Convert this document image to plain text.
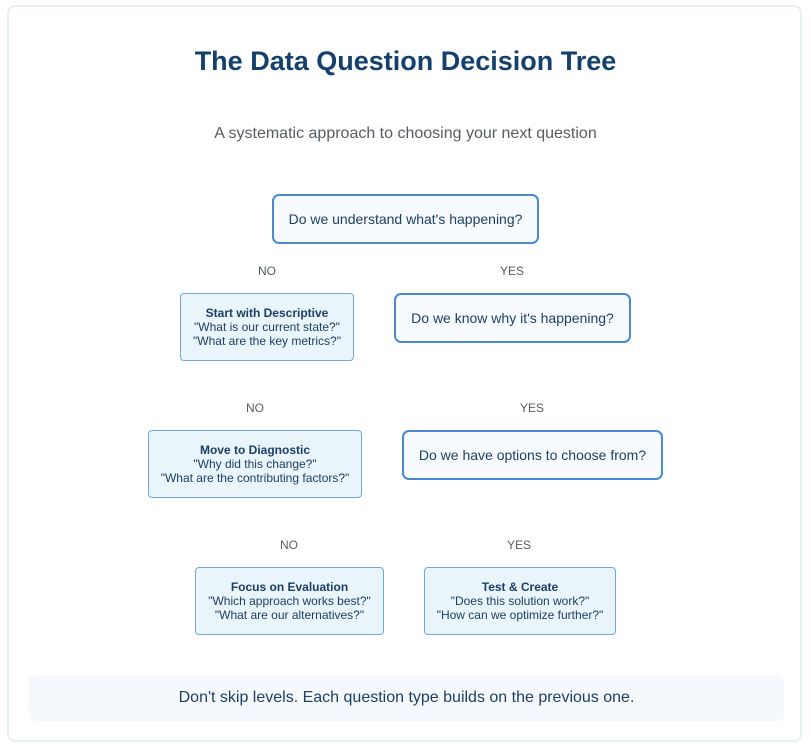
The Data Question Decision Tree
A systematic approach to choosing your next question
Do we understand what's happening?
NO	YES
Start with Descriptive
"What is our current state?"
"What are the key metrics?"
Do we know why it's happening?
NO	YES
Move to Diagnostic
"Why did this change?"
"What are the contributing factors?"
Do we have options to choose from?
NO	YES
Focus on Evaluation
"Which approach works best?"
"What are our alternatives?"
Test & Create
"Does this solution work?"
"How can we optimize further?"
Don't skip levels. Each question type builds on the previous one.
